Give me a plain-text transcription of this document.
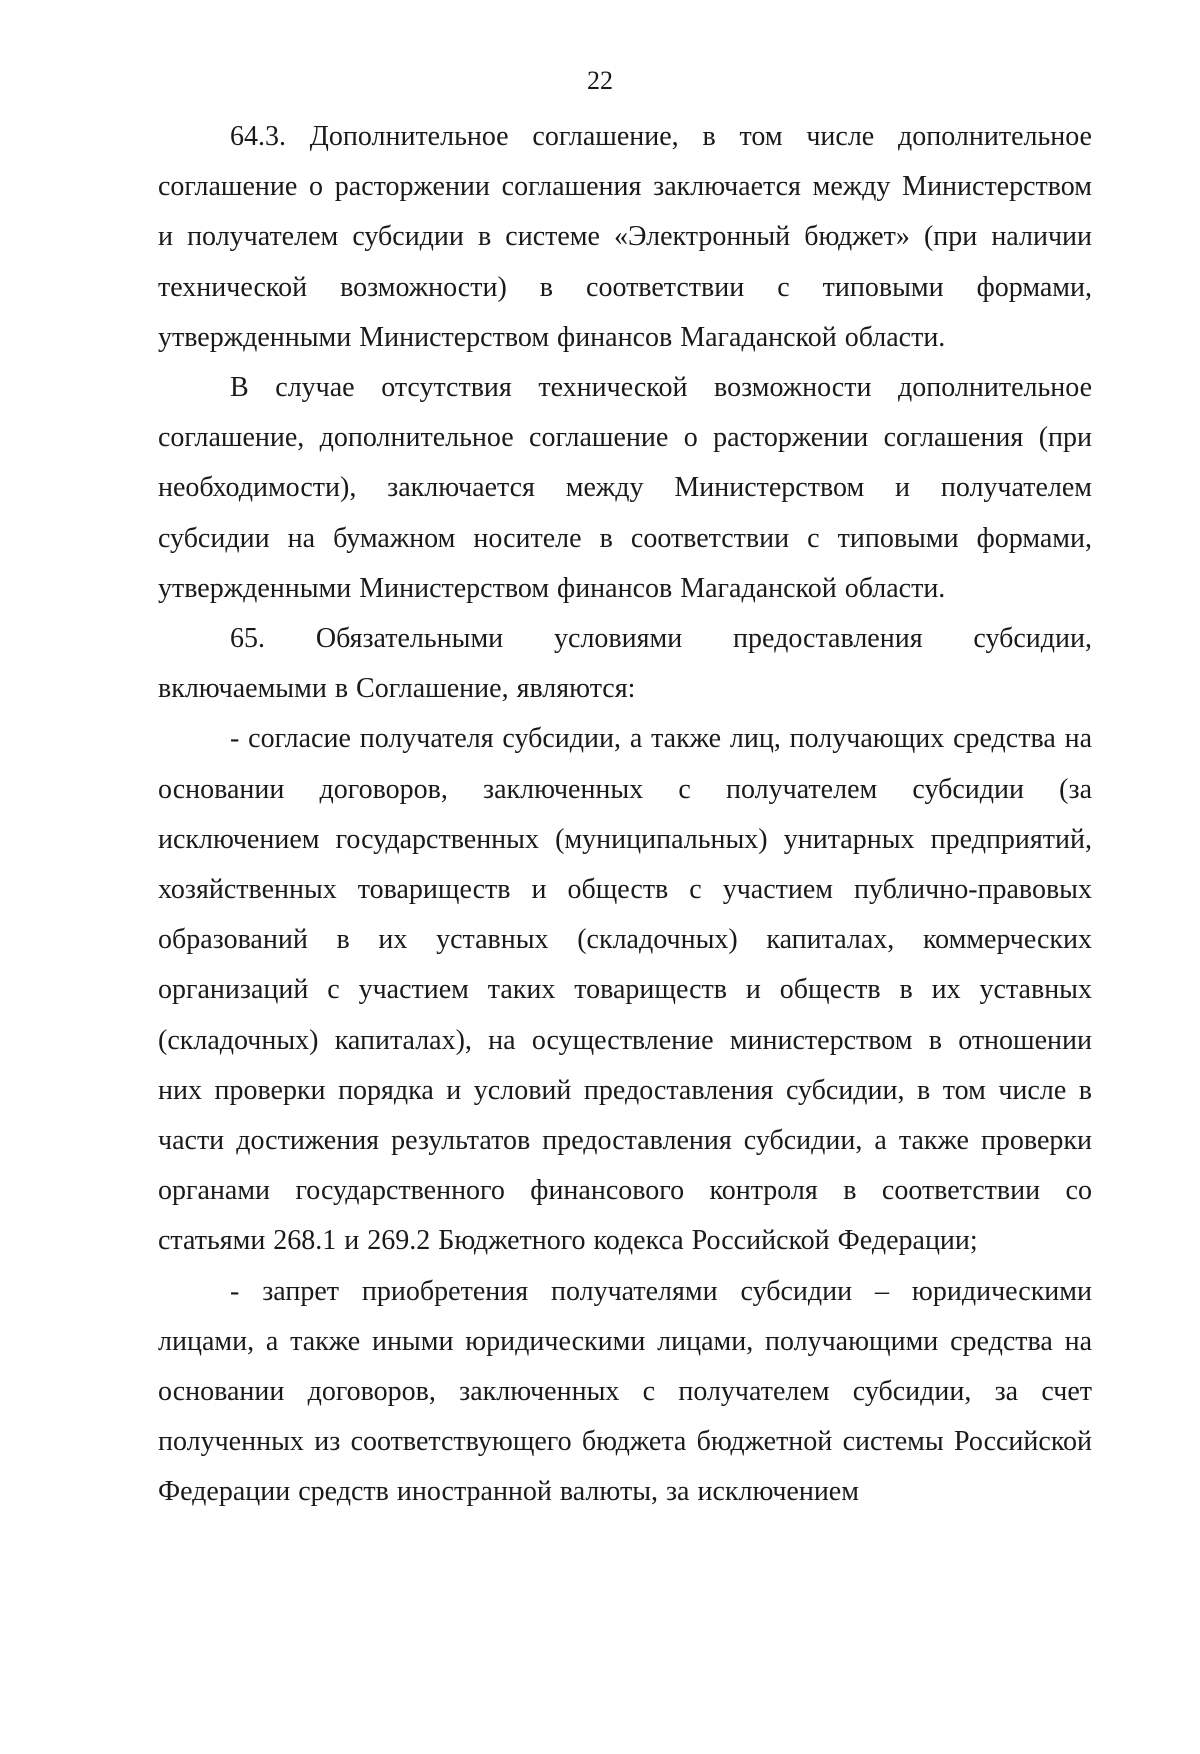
22

64.3. Дополнительное соглашение, в том числе дополнительное соглашение о расторжении соглашения заключается между Министерством и получателем субсидии в системе «Электронный бюджет» (при наличии технической возможности) в соответствии с типовыми формами, утвержденными Министерством финансов Магаданской области.

В случае отсутствия технической возможности дополнительное соглашение, дополнительное соглашение о расторжении соглашения (при необходимости), заключается между Министерством и получателем субсидии на бумажном носителе в соответствии с типовыми формами, утвержденными Министерством финансов Магаданской области.

65. Обязательными условиями предоставления субсидии, включаемыми в Соглашение, являются:

- согласие получателя субсидии, а также лиц, получающих средства на основании договоров, заключенных с получателем субсидии (за исключением государственных (муниципальных) унитарных предприятий, хозяйственных товариществ и обществ с участием публично-правовых образований в их уставных (складочных) капиталах, коммерческих организаций с участием таких товариществ и обществ в их уставных (складочных) капиталах), на осуществление министерством в отношении них проверки порядка и условий предоставления субсидии, в том числе в части достижения результатов предоставления субсидии, а также проверки органами государственного финансового контроля в соответствии со статьями 268.1 и 269.2 Бюджетного кодекса Российской Федерации;

- запрет приобретения получателями субсидии – юридическими лицами, а также иными юридическими лицами, получающими средства на основании договоров, заключенных с получателем субсидии, за счет полученных из соответствующего бюджета бюджетной системы Российской Федерации средств иностранной валюты, за исключением
